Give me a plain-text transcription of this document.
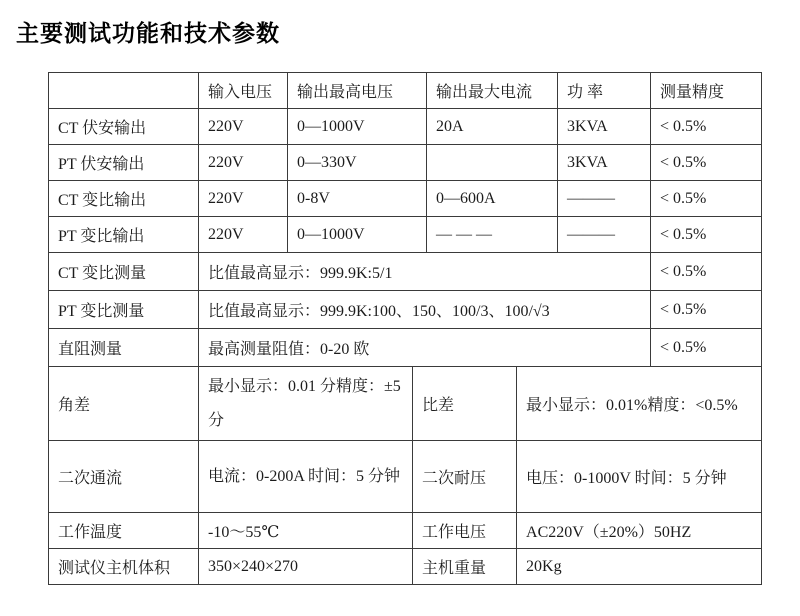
主要测试功能和技术参数
	输入电压	输出最高电压		输出最大电流		功 率	测量精度
CT 伏安输出	220V	0—1000V		20A		3KVA	< 0.5%
PT 伏安输出	220V	0—330V				3KVA	< 0.5%
CT 变比输出	220V	0-8V		0—600A		———	< 0.5%
PT 变比输出	220V	0—1000V		— — —		———	< 0.5%
CT 变比测量	比值最高显示：999.9K:5/1						< 0.5%
PT 变比测量	比值最高显示：999.9K:100、150、100/3、100/√3						< 0.5%
直阻测量	最高测量阻值：0-20 欧						< 0.5%
角差	最小显示：0.01 分精度：±5 分		比差		最小显示：0.01%精度：<0.5%		
二次通流	电流：0-200A 时间：5 分钟		二次耐压		电压：0-1000V 时间：5 分钟		
工作温度	-10～55℃		工作电压		AC220V（±20%）50HZ		
测试仪主机体积	350×240×270		主机重量		20Kg		
